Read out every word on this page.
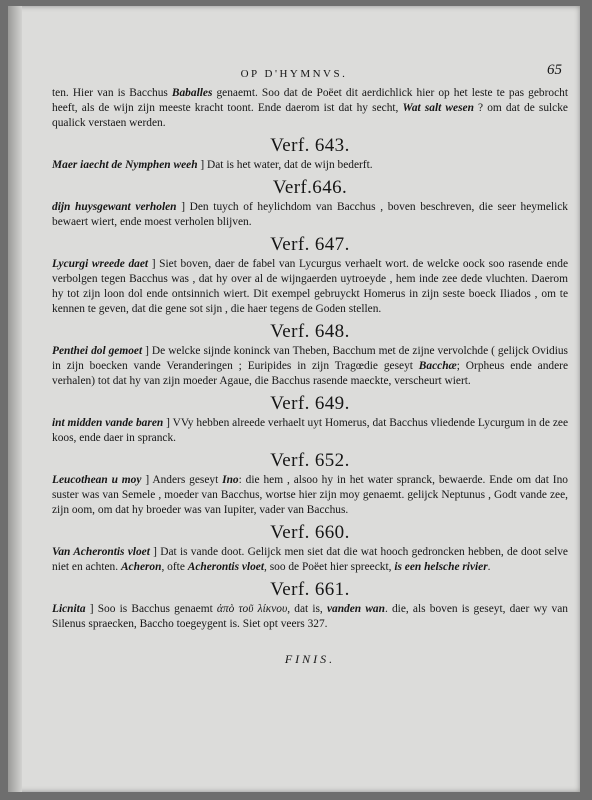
OP D'HYMNVS.	65

ten. Hier van is Bacchus Baballes genaemt. Soo dat de Poëet dit aerdichlick hier op het leste te pas gebrocht heeft, als de wijn zijn meeste kracht toont. Ende daerom ist dat hy secht, Wat salt wesen ? om dat de sulcke qualick verstaen werden.

Verf. 643.

Maer iaecht de Nymphen weeh ] Dat is het water, dat de wijn bederft.

Verf.646.

dijn huysgewant verholen ] Den tuych of heylichdom van Bacchus , boven beschreven, die seer heymelick bewaert wiert, ende moest verholen blijven.

Verf. 647.

Lycurgi wreede daet ] Siet boven, daer de fabel van Lycurgus verhaelt wort. de welcke oock soo rasende ende verbolgen tegen Bacchus was , dat hy over al de wijngaerden uytroeyde , hem inde zee dede vluchten. Daerom hy tot zijn loon dol ende ontsinnich wiert. Dit exempel gebruyckt Homerus in zijn seste boeck Iliados , om te kennen te geven, dat die gene sot sijn , die haer tegens de Goden stellen.

Verf. 648.

Penthei dol gemoet ] De welcke sijnde koninck van Theben, Bacchum met de zijne vervolchde ( gelijck Ovidius in zijn boecken vande Veranderingen ; Euripides in zijn Tragœdie geseyt Bacchæ; Orpheus ende andere verhalen) tot dat hy van zijn moeder Agaue, die Bacchus rasende maeckte, verscheurt wiert.

Verf. 649.

int midden vande baren ] VVy hebben alreede verhaelt uyt Homerus, dat Bacchus vliedende Lycurgum in de zee koos, ende daer in spranck.

Verf. 652.

Leucothean u moy ] Anders geseyt Ino: die hem , alsoo hy in het water spranck, bewaerde. Ende om dat Ino suster was van Semele , moeder van Bacchus, wortse hier zijn moy genaemt. gelijck Neptunus , Godt vande zee, zijn oom, om dat hy broeder was van Iupiter, vader van Bacchus.

Verf. 660.

Van Acherontis vloet ] Dat is vande doot. Gelijck men siet dat die wat hooch gedroncken hebben, de doot selve niet en achten. Acheron, ofte Acherontis vloet, soo de Poëet hier spreeckt, is een helsche rivier.

Verf. 661.

Licnita ] Soo is Bacchus genaemt ἀπὸ τοῦ λίκνου, dat is, vanden wan. die, als boven is geseyt, daer wy van Silenus spraecken, Baccho toegeygent is. Siet opt veers 327.

FINIS.
